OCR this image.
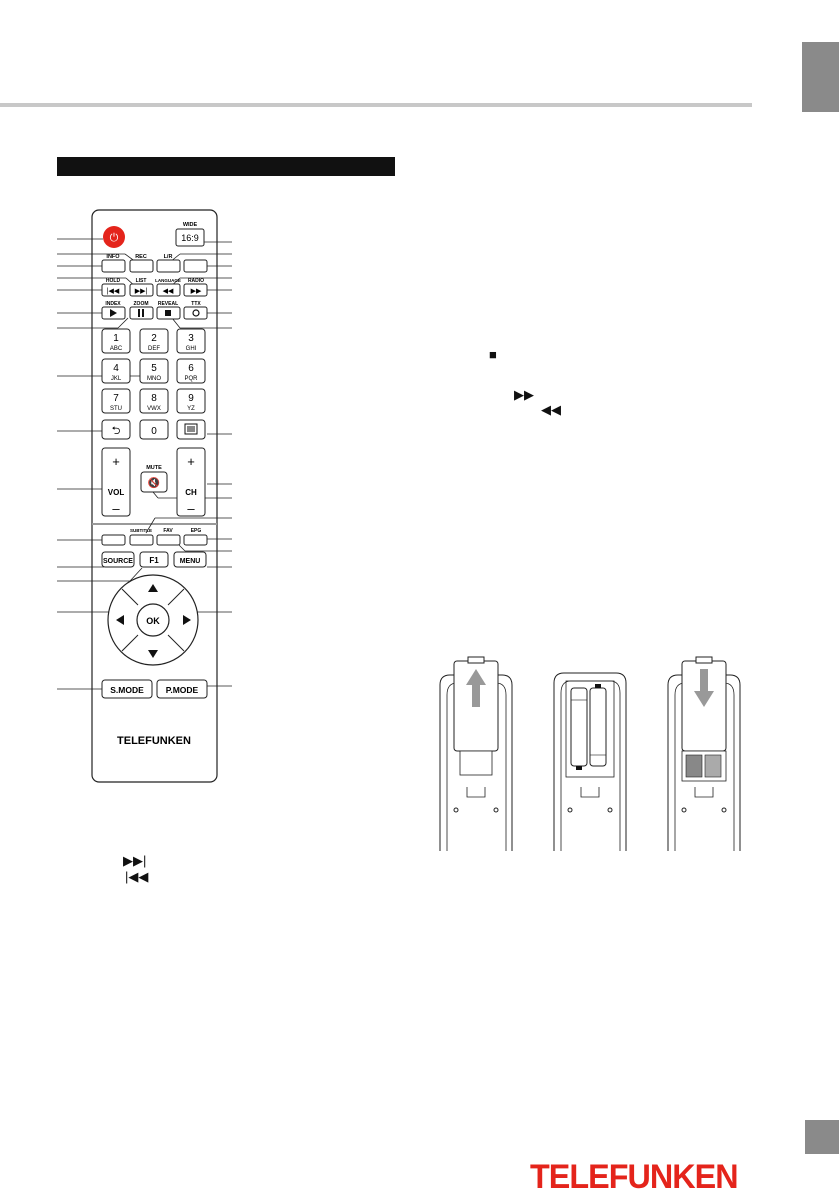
⏻
WIDE
16:9
REC	L/R
INFO
HOLD	LIST LANGUAGE RADIO
|◀◀ ▶▶| ◀◀ ▶▶
INDEX	ZOOM REVEAL	TTX
1
ABC
2
DEF
3
GHI
4
JKL
5
MNO
6
PQR
7
STU
8
VWX
9
YZ
⮌	0
+
VOL
–
+
CH
–
MUTE
🔇
SUBTITLE FAV	EPG
SOURCE F1	MENU
OK
S.MODE	P.MODE
TELEFUNKEN
■
▶▶
◀◀
▶▶|
|◀◀
TELEFUNKEN
